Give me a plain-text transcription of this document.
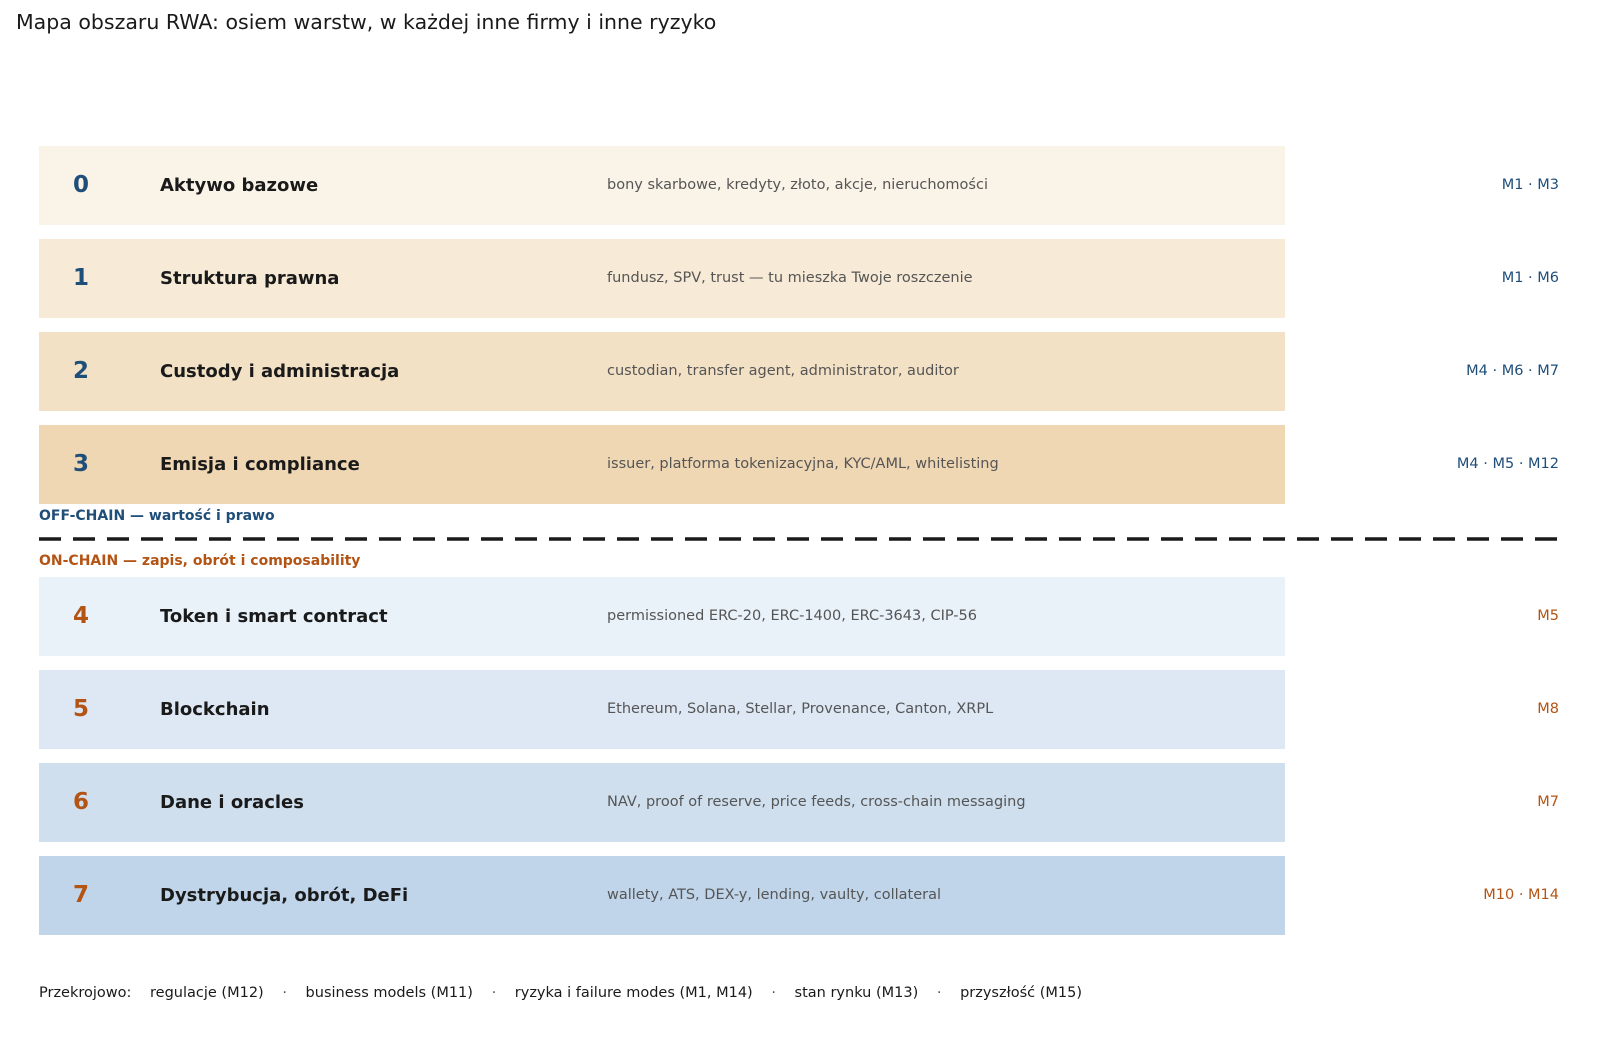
Mapa obszaru RWA: osiem warstw, w każdej inne firmy i inne ryzyko
0	Aktywo bazowe	bony skarbowe, kredyty, złoto, akcje, nieruchomości	M1 · M3
1	Struktura prawna	fundusz, SPV, trust — tu mieszka Twoje roszczenie	M1 · M6
2	Custody i administracja	custodian, transfer agent, administrator, auditor	M4 · M6 · M7
3	Emisja i compliance	issuer, platforma tokenizacyjna, KYC/AML, whitelisting	M4 · M5 · M12
OFF-CHAIN — wartość i prawo
ON-CHAIN — zapis, obrót i composability
4	Token i smart contract	permissioned ERC-20, ERC-1400, ERC-3643, CIP-56	M5
5	Blockchain	Ethereum, Solana, Stellar, Provenance, Canton, XRPL	M8
6	Dane i oracles	NAV, proof of reserve, price feeds, cross-chain messaging	M7
7	Dystrybucja, obrót, DeFi	wallety, ATS, DEX-y, lending, vaulty, collateral	M10 · M14
Przekrojowo: regulacje (M12) · business models (M11) · ryzyka i failure modes (M1, M14) · stan rynku (M13) · przyszłość (M15)
